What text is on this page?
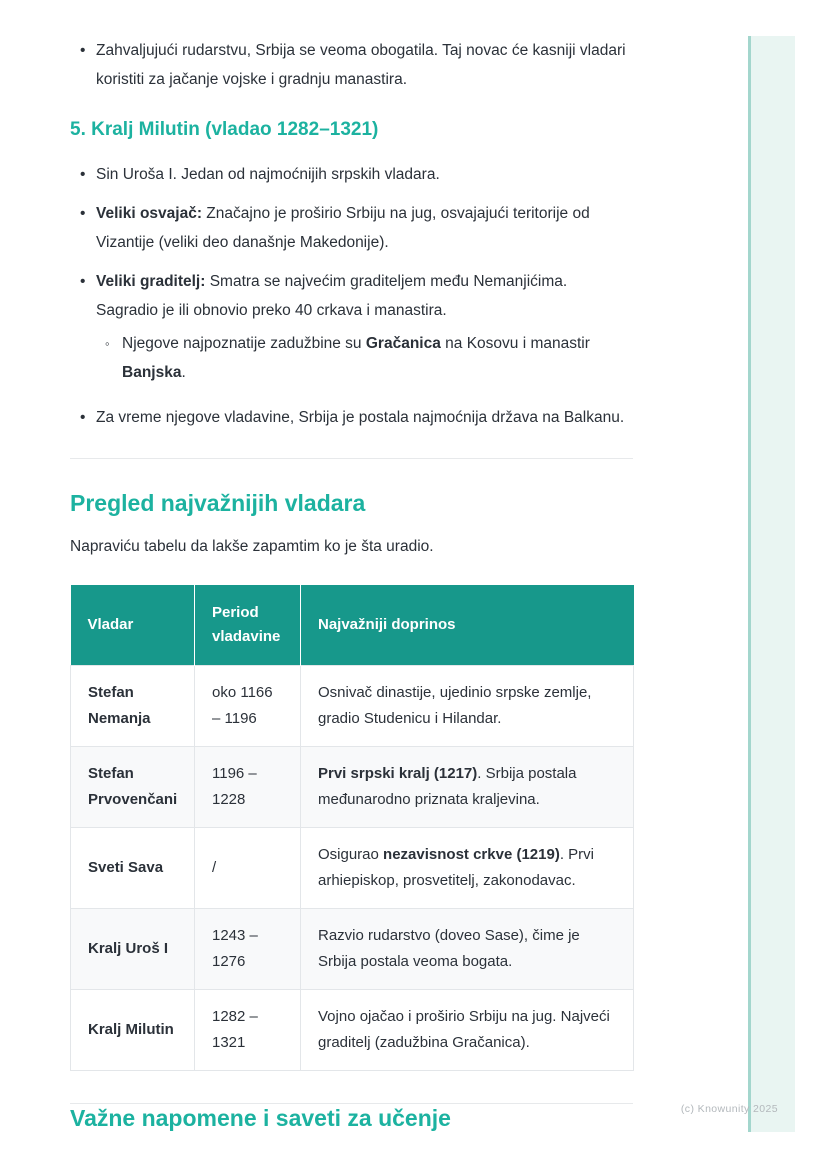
(c) Knowunity 2025
• Zahvaljujući rudarstvu, Srbija se veoma obogatila. Taj novac će kasniji vladari koristiti za jačanje vojske i gradnju manastira.
5. Kralj Milutin (vladao 1282–1321)
• Sin Uroša I. Jedan od najmoćnijih srpskih vladara.
• Veliki osvajač: Značajno je proširio Srbiju na jug, osvajajući teritorije od Vizantije (veliki deo današnje Makedonije).
• Veliki graditelj: Smatra se najvećim graditeljem među Nemanjićima. Sagradio je ili obnovio preko 40 crkava i manastira.
◦ Njegove najpoznatije zadužbine su Gračanica na Kosovu i manastir Banjska.
• Za vreme njegove vladavine, Srbija je postala najmoćnija država na Balkanu.
Pregled najvažnijih vladara

Napraviću tabelu da lakše zapamtim ko je šta uradio.

Vladar	Period vladavine	Najvažniji doprinos
Stefan Nemanja	oko 1166 – 1196	Osnivač dinastije, ujedinio srpske zemlje, gradio Studenicu i Hilandar.
Stefan Prvovenčani	1196 – 1228	Prvi srpski kralj (1217). Srbija postala međunarodno priznata kraljevina.
Sveti Sava	/	Osigurao nezavisnost crkve (1219). Prvi arhiepiskop, prosvetitelj, zakonodavac.
Kralj Uroš I	1243 – 1276	Razvio rudarstvo (doveo Sase), čime je Srbija postala veoma bogata.
Kralj Milutin	1282 – 1321	Vojno ojačao i proširio Srbiju na jug. Najveći graditelj (zadužbina Gračanica).
Važne napomene i saveti za učenje
